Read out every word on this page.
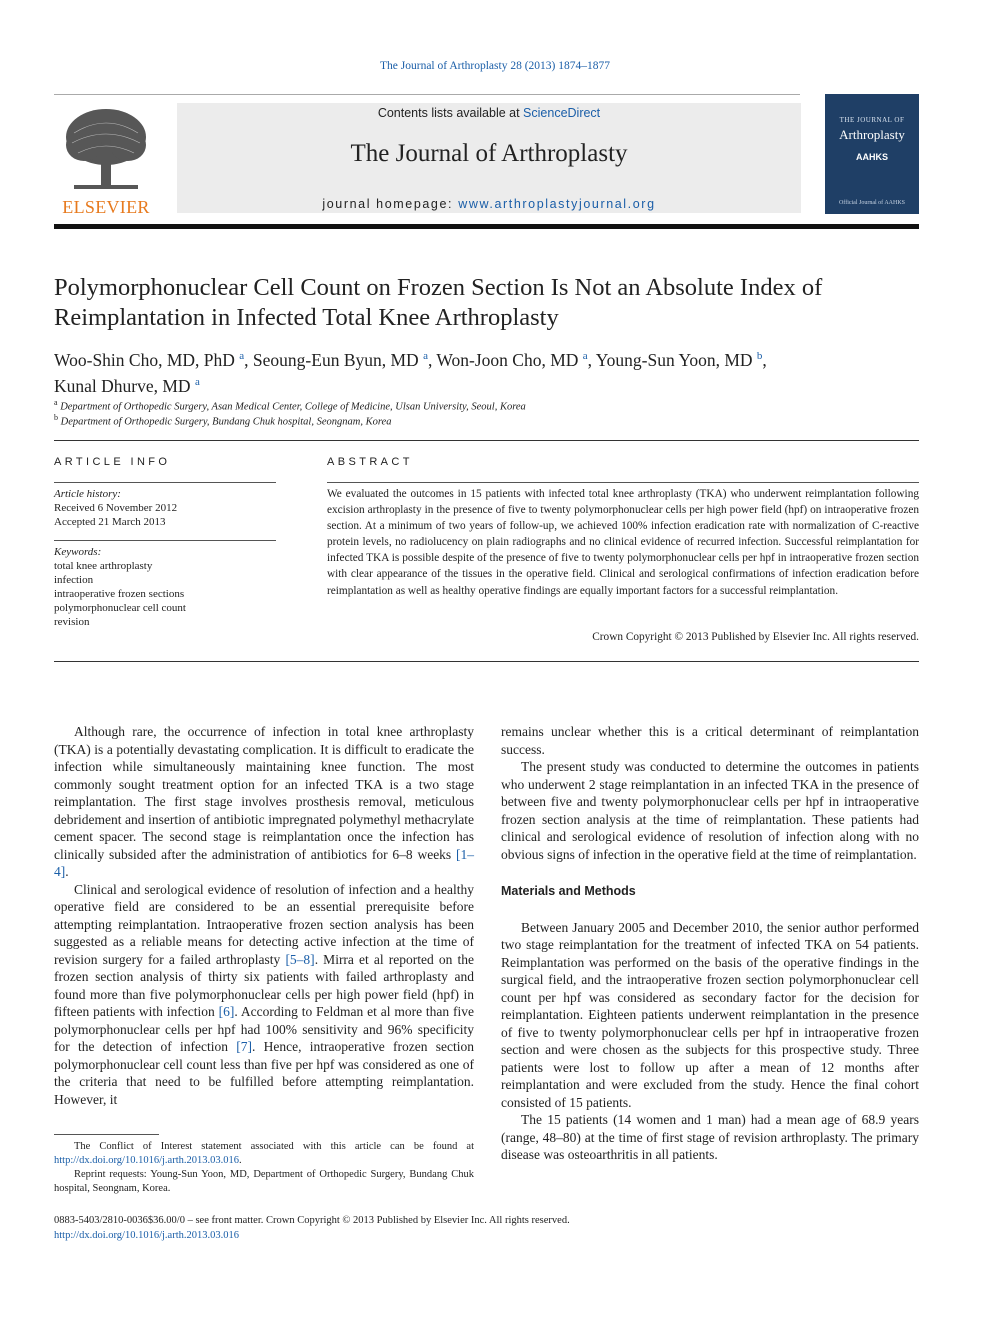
The Journal of Arthroplasty 28 (2013) 1874–1877
ELSEVIER
Contents lists available at ScienceDirect
The Journal of Arthroplasty
journal homepage: www.arthroplastyjournal.org
THE JOURNAL OF
Arthroplasty
AAHKS
Official Journal of AAHKS
Polymorphonuclear Cell Count on Frozen Section Is Not an Absolute Index of
Reimplantation in Infected Total Knee Arthroplasty
Woo-Shin Cho, MD, PhD $^a$, Seoung-Eun Byun, MD $^a$, Won-Joon Cho, MD $^a$, Young-Sun Yoon, MD $^b$,
Kunal Dhurve, MD $^a$
$^a$ Department of Orthopedic Surgery, Asan Medical Center, College of Medicine, Ulsan University, Seoul, Korea
$^b$ Department of Orthopedic Surgery, Bundang Chuk hospital, Seongnam, Korea
ARTICLE INFO
Article history:
Received 6 November 2012
Accepted 21 March 2013
Keywords:
total knee arthroplasty
infection
intraoperative frozen sections
polymorphonuclear cell count
revision
ABSTRACT
We evaluated the outcomes in 15 patients with infected total knee arthroplasty (TKA) who underwent reimplantation following excision arthroplasty in the presence of five to twenty polymorphonuclear cells per high power field (hpf) on intraoperative frozen section. At a minimum of two years of follow-up, we achieved 100% infection eradication rate with normalization of C-reactive protein levels, no radiolucency on plain radiographs and no clinical evidence of recurred infection. Successful reimplantation for infected TKA is possible despite of the presence of five to twenty polymorphonuclear cells per hpf in intraoperative frozen section with clear appearance of the tissues in the operative field. Clinical and serological confirmations of infection eradication before reimplantation as well as healthy operative findings are equally important factors for a successful reimplantation.
Crown Copyright © 2013 Published by Elsevier Inc. All rights reserved.

Although rare, the occurrence of infection in total knee arthroplasty (TKA) is a potentially devastating complication. It is difficult to eradicate the infection while simultaneously maintaining knee function. The most commonly sought treatment option for an infected TKA is a two stage reimplantation. The first stage involves prosthesis removal, meticulous debridement and insertion of antibiotic impregnated polymethyl methacrylate cement spacer. The second stage is reimplantation once the infection has clinically subsided after the administration of antibiotics for 6–8 weeks [1–4].

Clinical and serological evidence of resolution of infection and a healthy operative field are considered to be an essential prerequisite before attempting reimplantation. Intraoperative frozen section analysis has been suggested as a reliable means for detecting active infection at the time of revision surgery for a failed arthroplasty [5–8]. Mirra et al reported on the frozen section analysis of thirty six patients with failed arthroplasty and found more than five polymorphonuclear cells per high power field (hpf) in fifteen patients with infection [6]. According to Feldman et al more than five polymorphonuclear cells per hpf had 100% sensitivity and 96% specificity for the detection of infection [7]. Hence, intraoperative frozen section polymorphonuclear cell count less than five per hpf was considered as one of the criteria that need to be fulfilled before attempting reimplantation. However, it

remains unclear whether this is a critical determinant of reimplantation success.

The present study was conducted to determine the outcomes in patients who underwent 2 stage reimplantation in an infected TKA in the presence of between five and twenty polymorphonuclear cells per hpf in intraoperative frozen section analysis at the time of reimplantation. These patients had clinical and serological evidence of resolution of infection along with no obvious signs of infection in the operative field at the time of reimplantation.

Materials and Methods

Between January 2005 and December 2010, the senior author performed two stage reimplantation for the treatment of infected TKA on 54 patients. Reimplantation was performed on the basis of the operative findings in the surgical field, and the intraoperative frozen section polymorphonuclear cell count per hpf was considered as secondary factor for the decision for reimplantation. Eighteen patients underwent reimplantation in the presence of five to twenty polymorphonuclear cells per hpf in intraoperative frozen section and were chosen as the subjects for this prospective study. Three patients were lost to follow up after a mean of 12 months after reimplantation and were excluded from the study. Hence the final cohort consisted of 15 patients.

The 15 patients (14 women and 1 man) had a mean age of 68.9 years (range, 48–80) at the time of first stage of revision arthroplasty. The primary disease was osteoarthritis in all patients.

The Conflict of Interest statement associated with this article can be found at http://dx.doi.org/10.1016/j.arth.2013.03.016.

Reprint requests: Young-Sun Yoon, MD, Department of Orthopedic Surgery, Bundang Chuk hospital, Seongnam, Korea.

0883-5403/2810-0036$36.00/0 – see front matter. Crown Copyright © 2013 Published by Elsevier Inc. All rights reserved.
http://dx.doi.org/10.1016/j.arth.2013.03.016
